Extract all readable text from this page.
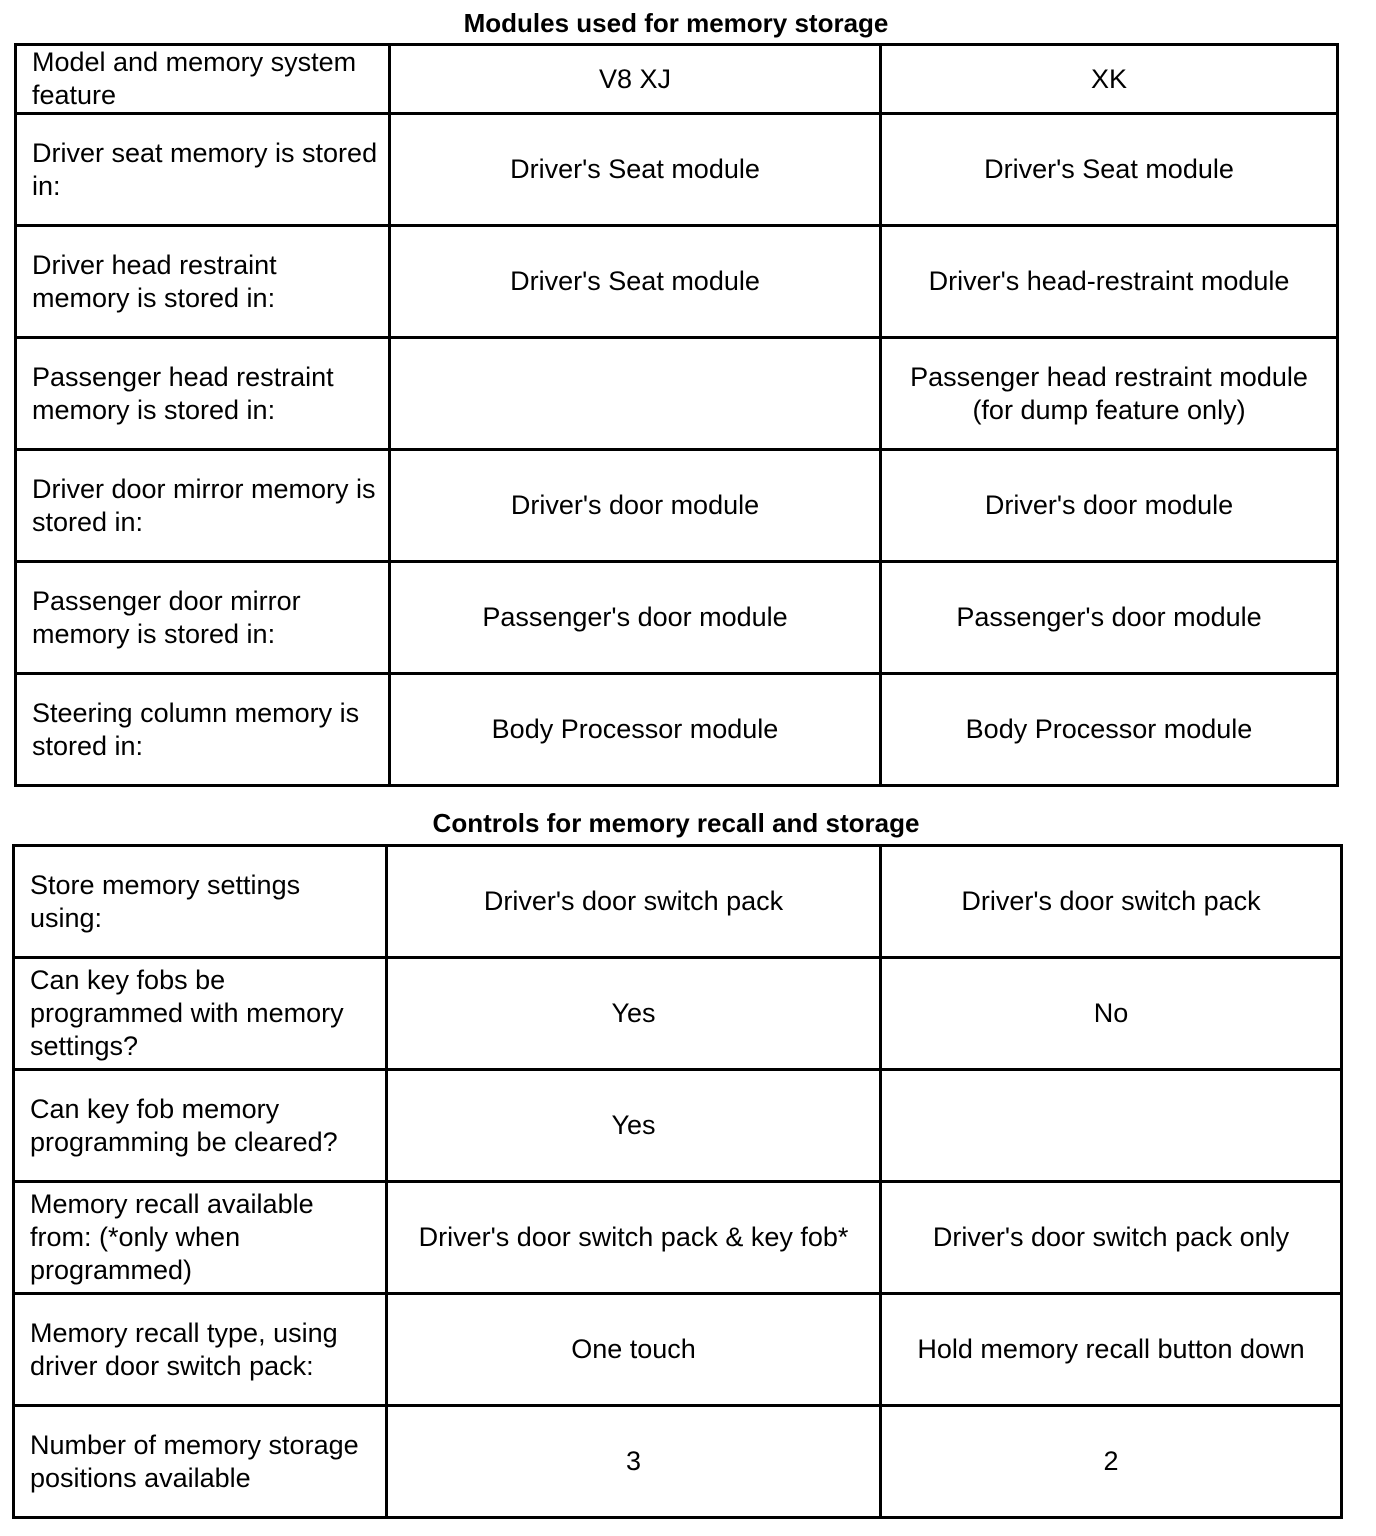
Modules used for memory storage
Model and memory system feature	V8 XJ	XK
Driver seat memory is stored in:	Driver's Seat module	Driver's Seat module
Driver head restraint memory is stored in:	Driver's Seat module	Driver's head-restraint module
Passenger head restraint memory is stored in:		Passenger head restraint module (for dump feature only)
Driver door mirror memory is stored in:	Driver's door module	Driver's door module
Passenger door mirror memory is stored in:	Passenger's door module	Passenger's door module
Steering column memory is stored in:	Body Processor module	Body Processor module
Controls for memory recall and storage
Store memory settings using:	Driver's door switch pack	Driver's door switch pack
Can key fobs be programmed with memory settings?	Yes	No
Can key fob memory programming be cleared?	Yes	
Memory recall available from: (*only when programmed)	Driver's door switch pack & key fob*	Driver's door switch pack only
Memory recall type, using driver door switch pack:	One touch	Hold memory recall button down
Number of memory storage positions available	3	2
